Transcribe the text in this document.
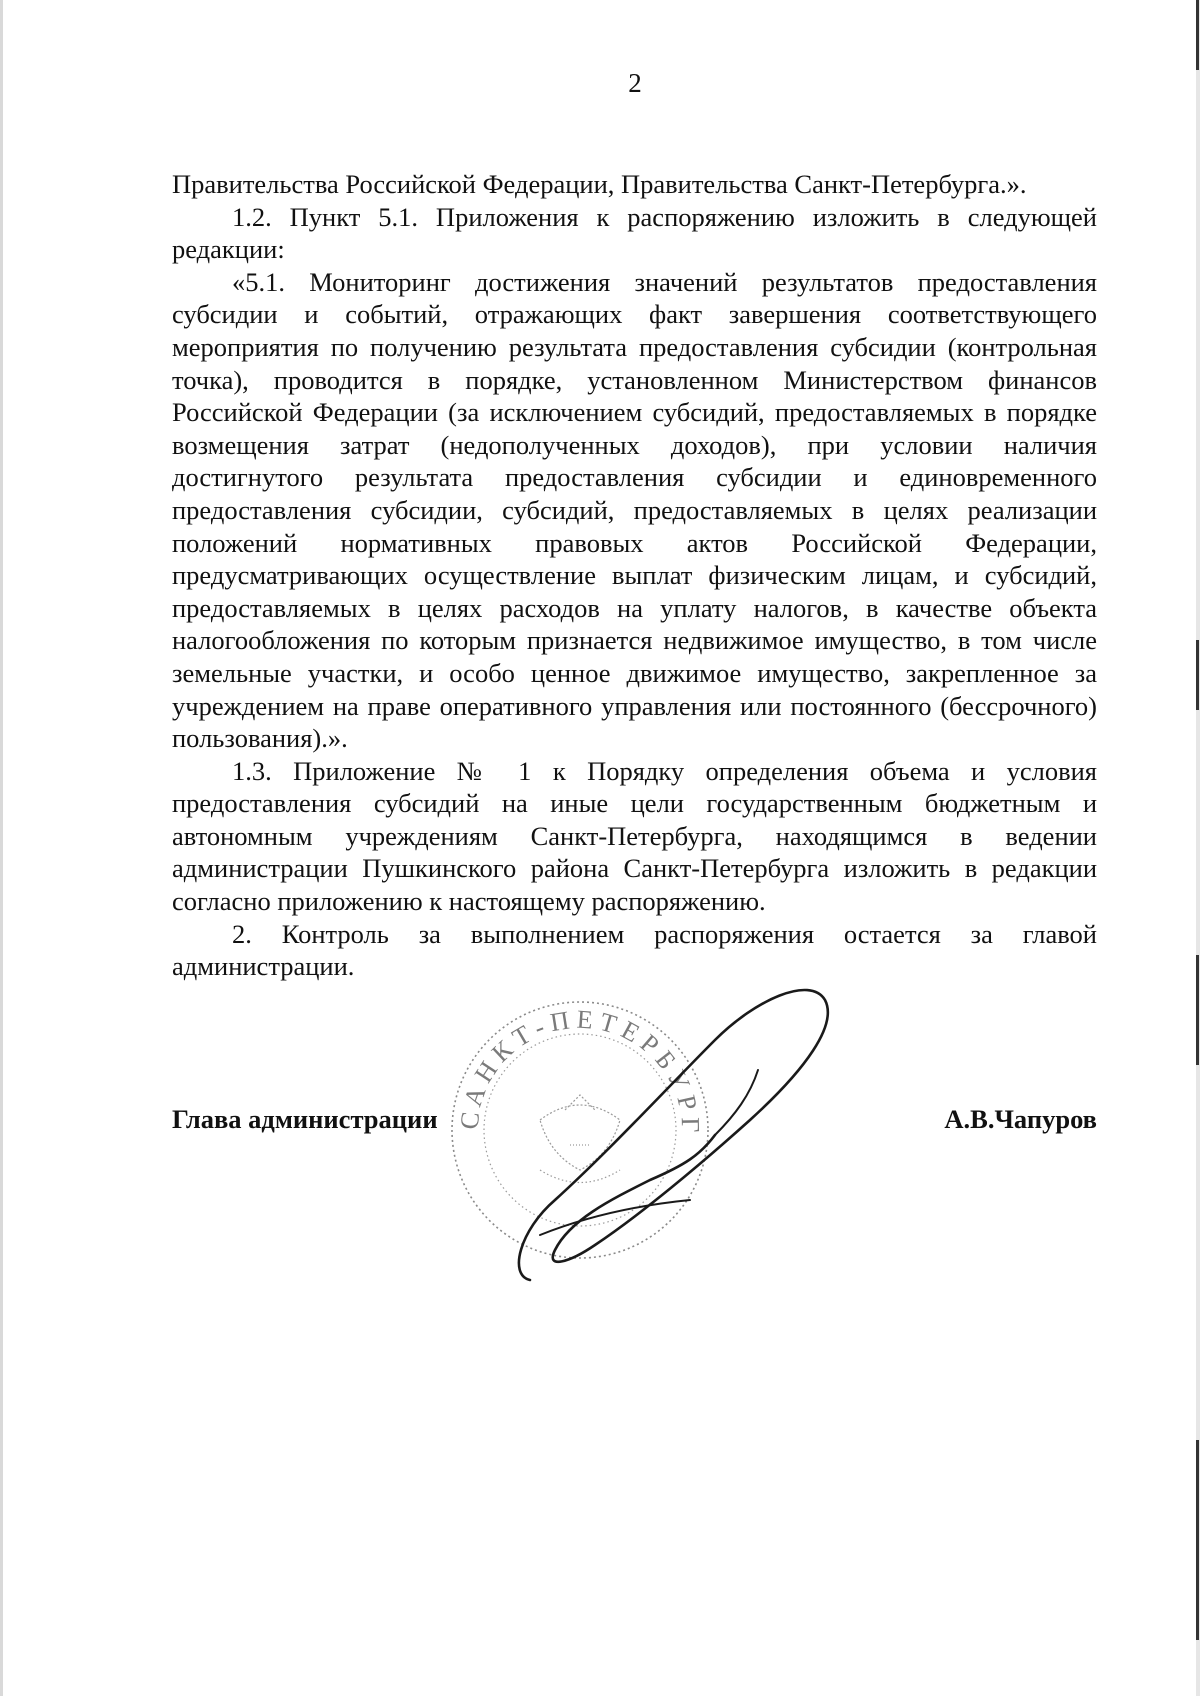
2

Правительства Российской Федерации, Правительства Санкт-Петербурга.».

1.2. Пункт 5.1. Приложения к распоряжению изложить в следующей редакции:

«5.1. Мониторинг достижения значений результатов предоставления субсидии и событий, отражающих факт завершения соответствующего мероприятия по получению результата предоставления субсидии (контрольная точка), проводится в порядке, установленном Министерством финансов Российской Федерации (за исключением субсидий, предоставляемых в порядке возмещения затрат (недополученных доходов), при условии наличия достигнутого результата предоставления субсидии и единовременного предоставления субсидии, субсидий, предоставляемых в целях реализации положений нормативных правовых актов Российской Федерации, предусматривающих осуществление выплат физическим лицам, и субсидий, предоставляемых в целях расходов на уплату налогов, в качестве объекта налогообложения по которым признается недвижимое имущество, в том числе земельные участки, и особо ценное движимое имущество, закрепленное за учреждением на праве оперативного управления или постоянного (бессрочного) пользования).».

1.3. Приложение № 1 к Порядку определения объема и условия предоставления субсидий на иные цели государственным бюджетным и автономным учреждениям Санкт-Петербурга, находящимся в ведении администрации Пушкинского района Санкт-Петербурга изложить в редакции согласно приложению к настоящему распоряжению.

2. Контроль за выполнением распоряжения остается за главой администрации.

САНКТ-ПЕТЕРБУРГ
Глава администрации	А.В.Чапуров
